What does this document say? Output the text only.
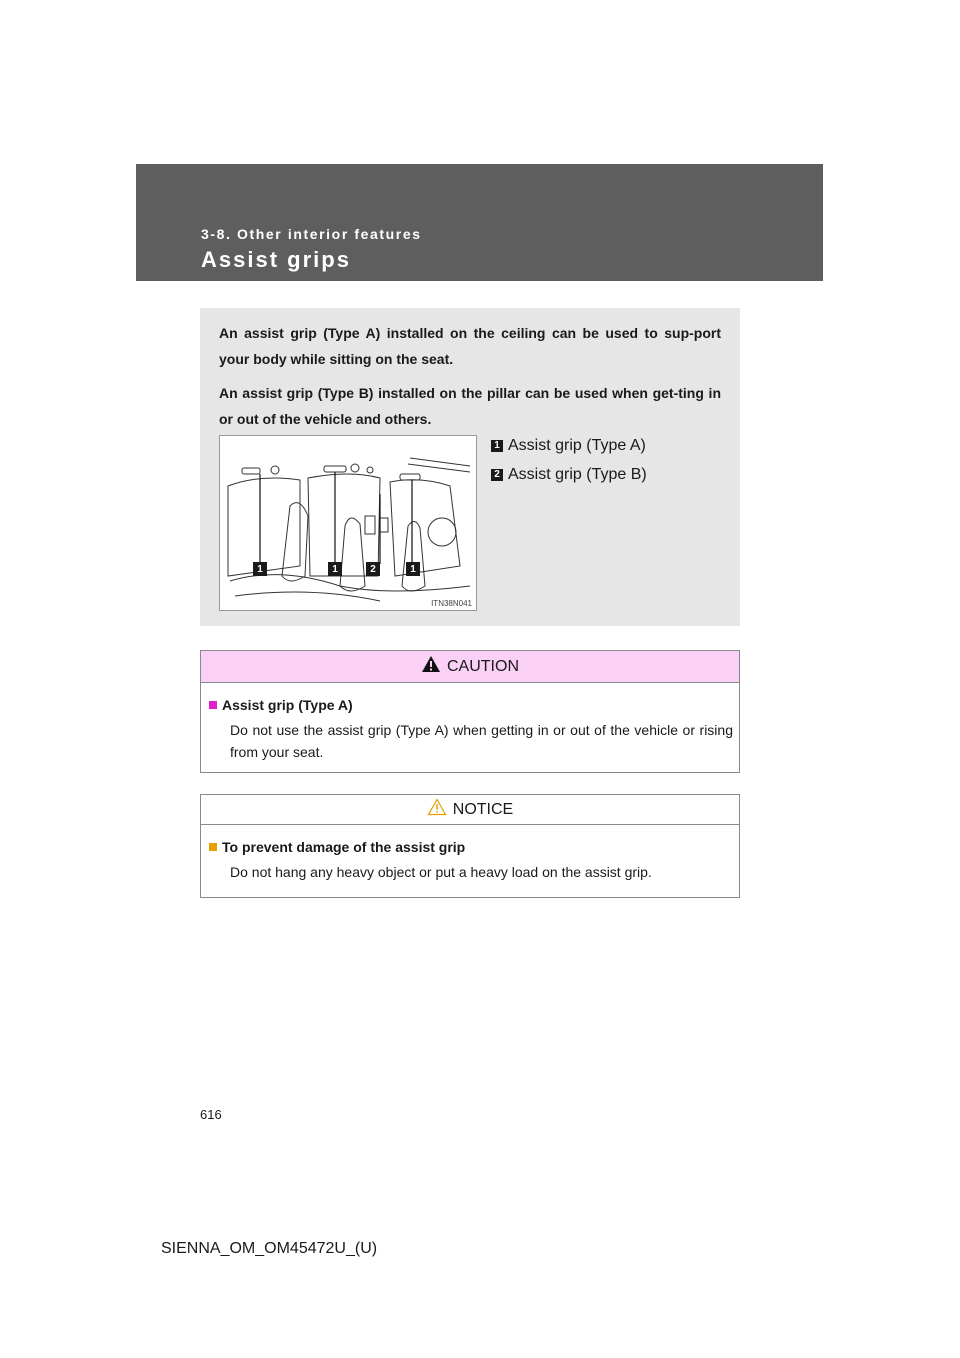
3-8. Other interior features
Assist grips

An assist grip (Type A) installed on the ceiling can be used to sup-port your body while sitting on the seat.

An assist grip (Type B) installed on the pillar can be used when get-ting in or out of the vehicle and others.

1	1	2	1
ITN38N041
1 Assist grip (Type A)
2 Assist grip (Type B)
CAUTION
Assist grip (Type A)
Do not use the assist grip (Type A) when getting in or out of the vehicle or rising from your seat.
NOTICE
To prevent damage of the assist grip
Do not hang any heavy object or put a heavy load on the assist grip.
616
SIENNA_OM_OM45472U_(U)
